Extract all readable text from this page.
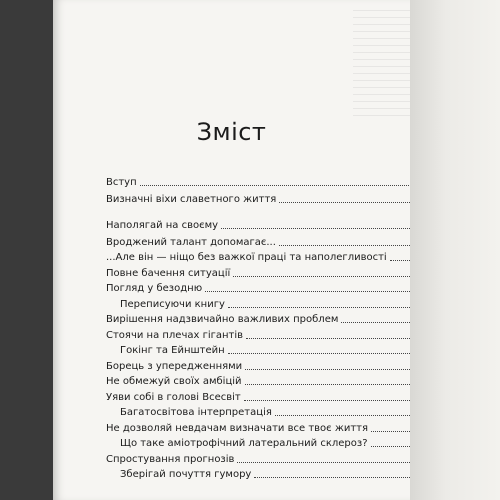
Зміст
Вступ
Визначні віхи славетного життя
Наполягай на своєму
Вроджений талант допомагає...
...Але він — ніщо без важкої праці та наполегливості
Повне бачення ситуації
Погляд у безодню
Переписуючи книгу
Вирішення надзвичайно важливих проблем
Стоячи на плечах гігантів
Гокінг та Ейнштейн
Борець з упередженнями
Не обмежуй своїх амбіцій
Уяви собі в голові Всесвіт
Багатосвітова інтерпретація
Не дозволяй невдачам визначати все твоє життя
Що таке аміотрофічний латеральний склероз?
Спростування прогнозів
Зберігай почуття гумору
